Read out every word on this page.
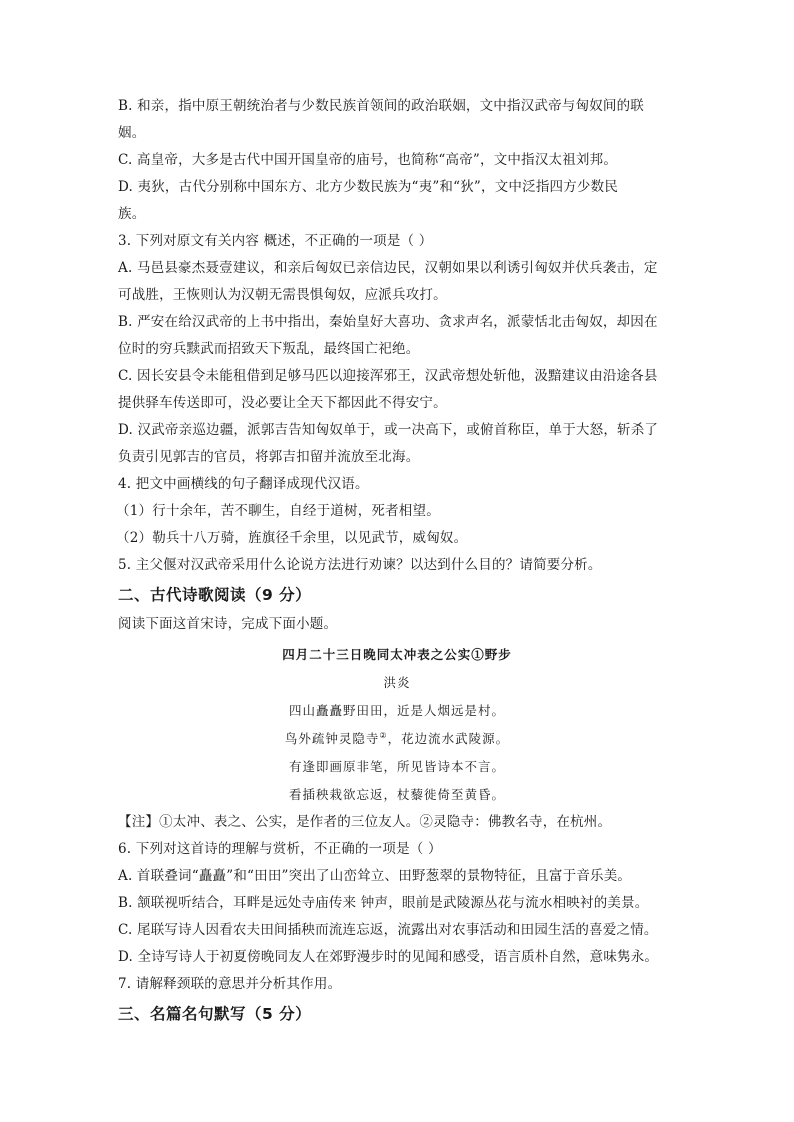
B. 和亲，指中原王朝统治者与少数民族首领间的政治联姻，文中指汉武帝与匈奴间的联
姻。
C. 高皇帝，大多是古代中国开国皇帝的庙号，也简称“高帝”，文中指汉太祖刘邦。
D. 夷狄，古代分别称中国东方、北方少数民族为“夷”和“狄”，文中泛指四方少数民
族。
3. 下列对原文有关内容 概述，不正确的一项是（ ）
A. 马邑县豪杰聂壹建议，和亲后匈奴已亲信边民，汉朝如果以利诱引匈奴并伏兵袭击，定
可战胜，王恢则认为汉朝无需畏惧匈奴，应派兵攻打。
B. 严安在给汉武帝的上书中指出，秦始皇好大喜功、贪求声名，派蒙恬北击匈奴，却因在
位时的穷兵黩武而招致天下叛乱，最终国亡祀绝。
C. 因长安县令未能租借到足够马匹以迎接浑邪王，汉武帝想处斩他，汲黯建议由沿途各县
提供驿车传送即可，没必要让全天下都因此不得安宁。
D. 汉武帝亲巡边疆，派郭吉告知匈奴单于，或一决高下，或俯首称臣，单于大怒，斩杀了
负责引见郭吉的官员，将郭吉扣留并流放至北海。
4. 把文中画横线的句子翻译成现代汉语。
（1）行十余年，苦不聊生，自经于道树，死者相望。
（2）勒兵十八万骑，旌旗径千余里，以见武节，威匈奴。
5. 主父偃对汉武帝采用什么论说方法进行劝谏？以达到什么目的？请简要分析。
二、古代诗歌阅读（9 分）
阅读下面这首宋诗，完成下面小题。
四月二十三日晚同太冲表之公实①野步
洪炎
四山矗矗野田田，近是人烟远是村。
鸟外疏钟灵隐寺②，花边流水武陵源。
有逢即画原非笔，所见皆诗本不言。
看插秧栽欲忘返，杖藜徙倚至黄昏。
【注】①太冲、表之、公实，是作者的三位友人。②灵隐寺：佛教名寺，在杭州。
6. 下列对这首诗的理解与赏析，不正确的一项是（ ）
A. 首联叠词“矗矗”和“田田”突出了山峦耸立、田野葱翠的景物特征，且富于音乐美。
B. 颔联视听结合，耳畔是远处寺庙传来 钟声，眼前是武陵源丛花与流水相映衬的美景。
C. 尾联写诗人因看农夫田间插秧而流连忘返，流露出对农事活动和田园生活的喜爱之情。
D. 全诗写诗人于初夏傍晚同友人在郊野漫步时的见闻和感受，语言质朴自然，意味隽永。
7. 请解释颈联的意思并分析其作用。
三、名篇名句默写（5 分）
